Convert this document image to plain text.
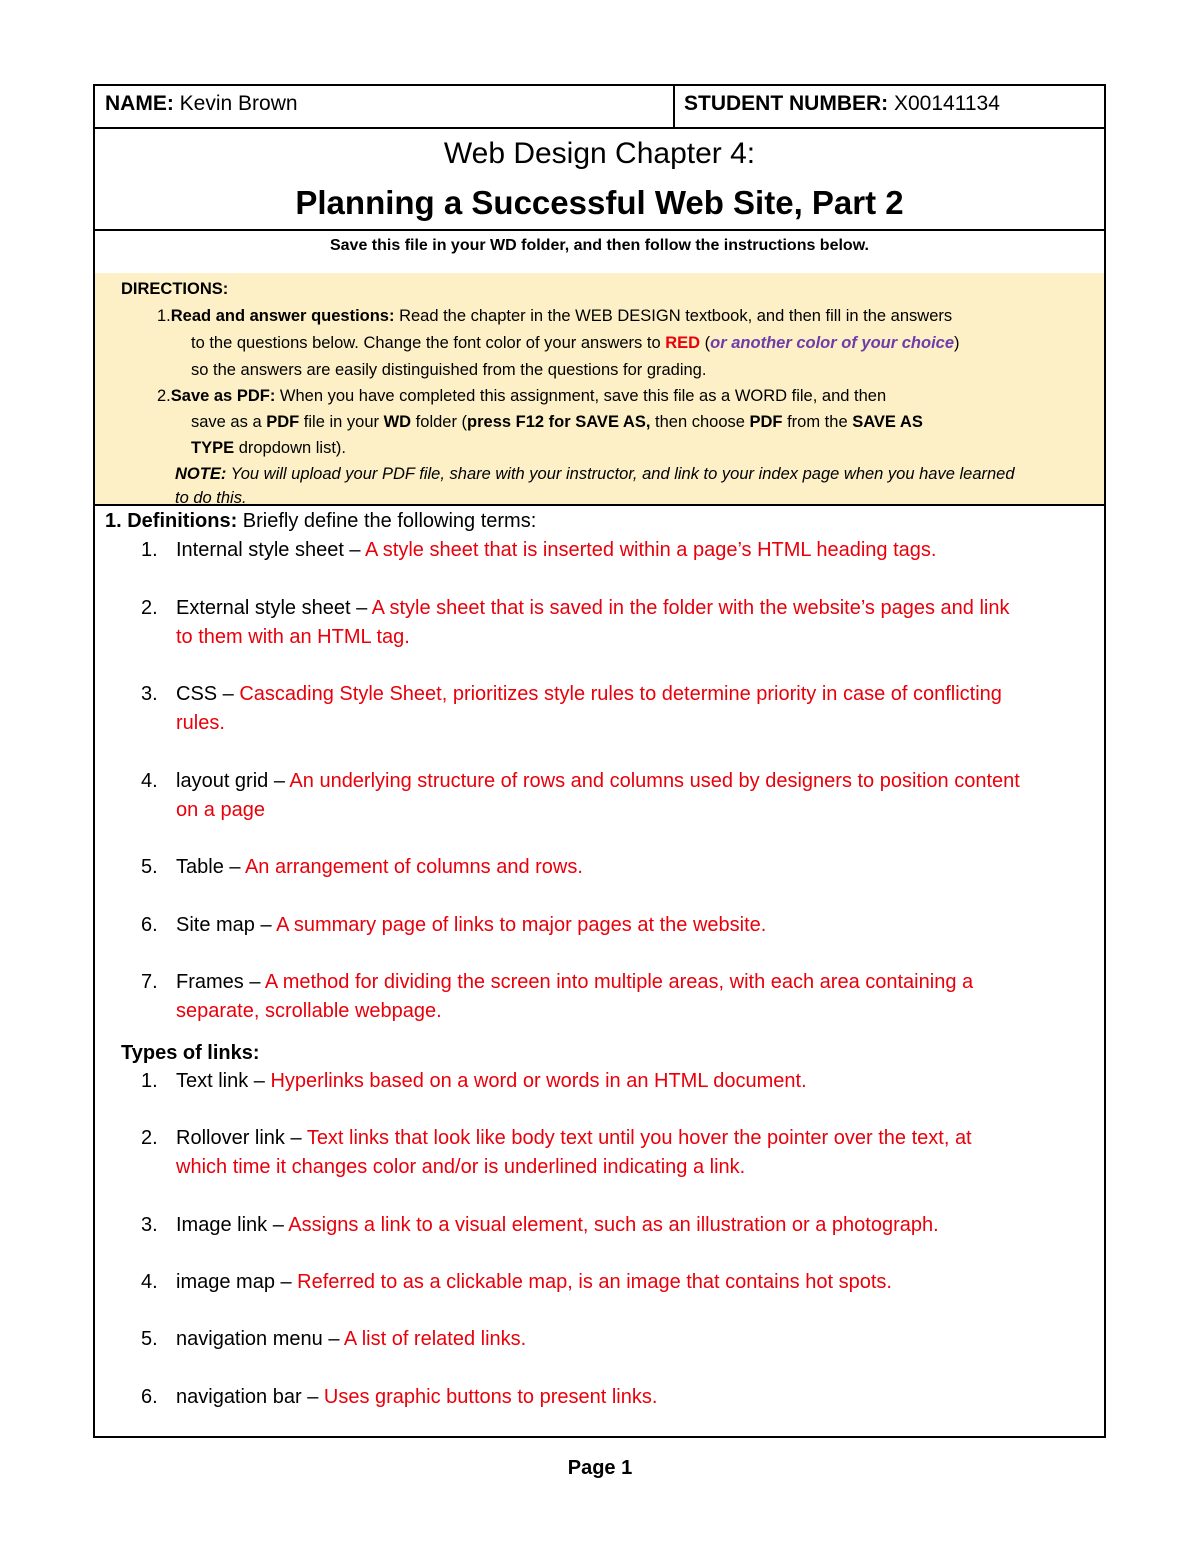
NAME: Kevin Brown	STUDENT NUMBER: X00141134
Web Design Chapter 4:
Planning a Successful Web Site, Part 2
Save this file in your WD folder, and then follow the instructions below.
DIRECTIONS:
1.Read and answer questions: Read the chapter in the WEB DESIGN textbook, and then fill in the answers
to the questions below. Change the font color of your answers to RED (or another color of your choice)
so the answers are easily distinguished from the questions for grading.
2.Save as PDF: When you have completed this assignment, save this file as a WORD file, and then
save as a PDF file in your WD folder (press F12 for SAVE AS, then choose PDF from the SAVE AS
TYPE dropdown list).
NOTE: You will upload your PDF file, share with your instructor, and link to your index page when you have learned
to do this.
1. Definitions: Briefly define the following terms:
1. Internal style sheet – A style sheet that is inserted within a page’s HTML heading tags.
2. External style sheet – A style sheet that is saved in the folder with the website’s pages and link
to them with an HTML tag.
3. CSS – Cascading Style Sheet, prioritizes style rules to determine priority in case of conflicting
rules.
4. layout grid – An underlying structure of rows and columns used by designers to position content
on a page
5. Table – An arrangement of columns and rows.
6. Site map – A summary page of links to major pages at the website.
7. Frames – A method for dividing the screen into multiple areas, with each area containing a
separate, scrollable webpage.
Types of links:
1. Text link – Hyperlinks based on a word or words in an HTML document.
2. Rollover link – Text links that look like body text until you hover the pointer over the text, at
which time it changes color and/or is underlined indicating a link.
3. Image link – Assigns a link to a visual element, such as an illustration or a photograph.
4. image map – Referred to as a clickable map, is an image that contains hot spots.
5. navigation menu – A list of related links.
6. navigation bar – Uses graphic buttons to present links.
Page 1
